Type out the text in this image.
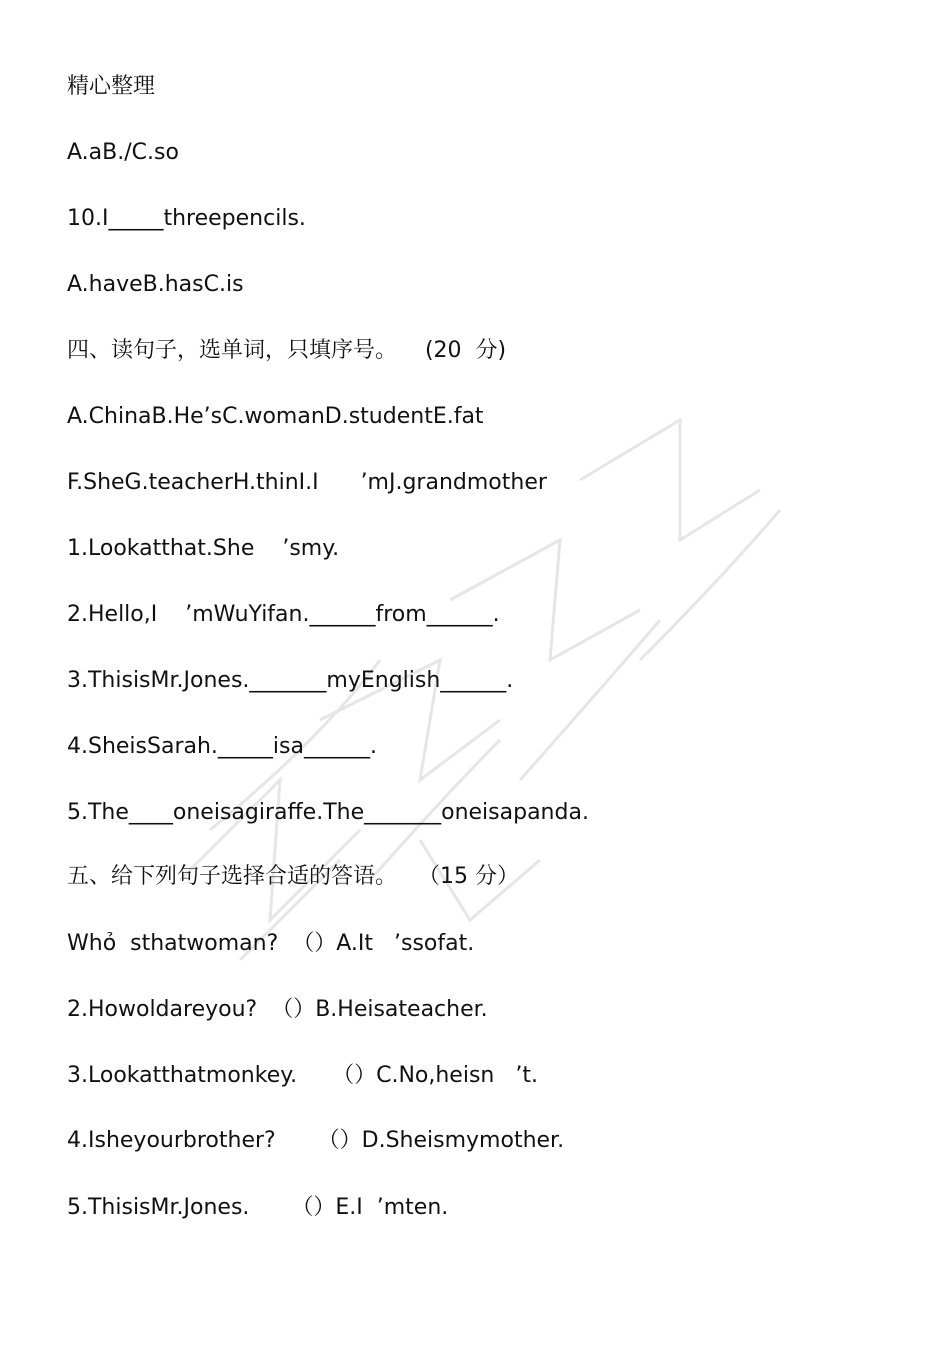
精心整理
A.aB./C.so
10.I_____threepencils.
A.haveB.hasC.is
四、读句子，选单词，只填序号。    (20  分)
A.ChinaB.He’sC.womanD.studentE.fat
F.SheG.teacherH.thinI.I      ’mJ.grandmother
1.Lookatthat.She    ’smy.
2.Hello,I    ’mWuYifan.______from______.
3.ThisisMr.Jones._______myEnglish______.
4.SheisSarah._____isa______.
5.The____oneisagiraffe.The_______oneisapanda.
五、给下列句子选择合适的答语。   （15 分）
Whỏ  sthatwoman?  （）A.It   ’ssofat.
2.Howoldareyou?  （）B.Heisateacher.
3.Lookatthatmonkey.     （）C.No,heisn   ’t.
4.Isheyourbrother?      （）D.Sheismymother.
5.ThisisMr.Jones.      （）E.I  ’mten.
